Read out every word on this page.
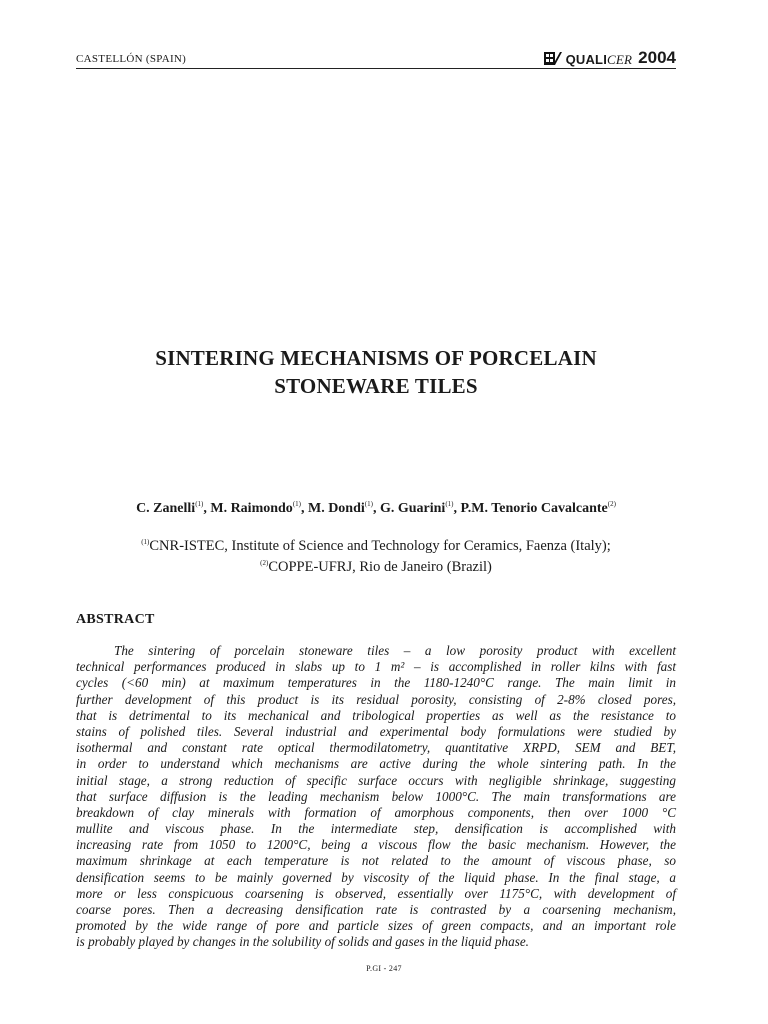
CASTELLÓN (SPAIN)	QUALICER 2004
SINTERING MECHANISMS OF PORCELAIN
STONEWARE TILES
C. Zanelli$^{(1)}$, M. Raimondo$^{(1)}$, M. Dondi$^{(1)}$, G. Guarini$^{(1)}$, P.M. Tenorio Cavalcante$^{(2)}$
$^{(1)}$CNR-ISTEC, Institute of Science and Technology for Ceramics, Faenza (Italy);
$^{(2)}$COPPE-UFRJ, Rio de Janeiro (Brazil)
ABSTRACT
The sintering of porcelain stoneware tiles – a low porosity product with excellent
technical performances produced in slabs up to 1 m² – is accomplished in roller kilns with fast
cycles (<60 min) at maximum temperatures in the 1180-1240°C range. The main limit in
further development of this product is its residual porosity, consisting of 2-8% closed pores,
that is detrimental to its mechanical and tribological properties as well as the resistance to
stains of polished tiles. Several industrial and experimental body formulations were studied by
isothermal and constant rate optical thermodilatometry, quantitative XRPD, SEM and BET,
in order to understand which mechanisms are active during the whole sintering path. In the
initial stage, a strong reduction of specific surface occurs with negligible shrinkage, suggesting
that surface diffusion is the leading mechanism below 1000°C. The main transformations are
breakdown of clay minerals with formation of amorphous components, then over 1000 °C
mullite and viscous phase. In the intermediate step, densification is accomplished with
increasing rate from 1050 to 1200°C, being a viscous flow the basic mechanism. However, the
maximum shrinkage at each temperature is not related to the amount of viscous phase, so
densification seems to be mainly governed by viscosity of the liquid phase. In the final stage, a
more or less conspicuous coarsening is observed, essentially over 1175°C, with development of
coarse pores. Then a decreasing densification rate is contrasted by a coarsening mechanism,
promoted by the wide range of pore and particle sizes of green compacts, and an important role
is probably played by changes in the solubility of solids and gases in the liquid phase.
P.GI - 247
